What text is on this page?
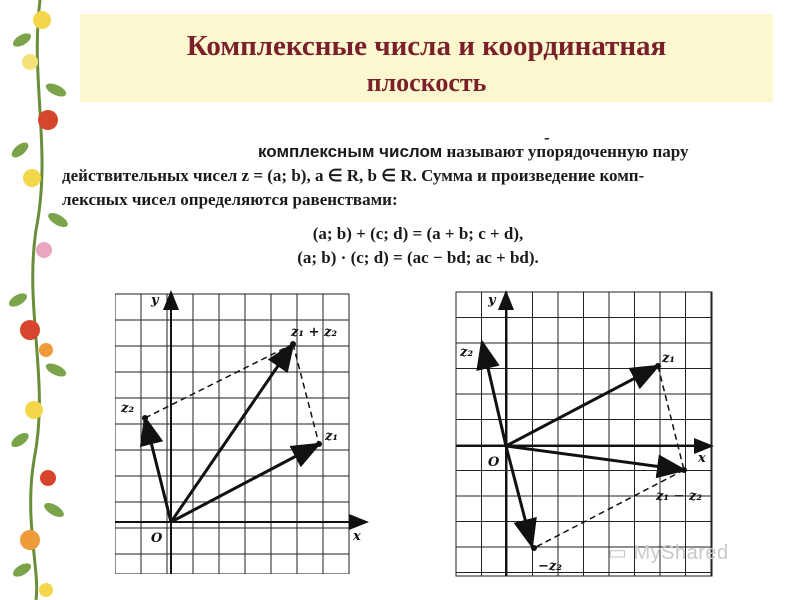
Комплексные числа и координатная
плоскость
-
комплексным числом называют упорядоченную пару
действительных чисел z = (a; b), a ∈ R, b ∈ R. Сумма и произведение комп-
лексных чисел определяются равенствами:
(a; b) + (c; d) = (a + b; c + d),
(a; b) · (c; d) = (ac − bd; ac + bd).
y
x
O
z₁
z₂
z₁ + z₂
y
x
O
z₁
z₂
z₁ − z₂
−z₂
▭ MyShared
